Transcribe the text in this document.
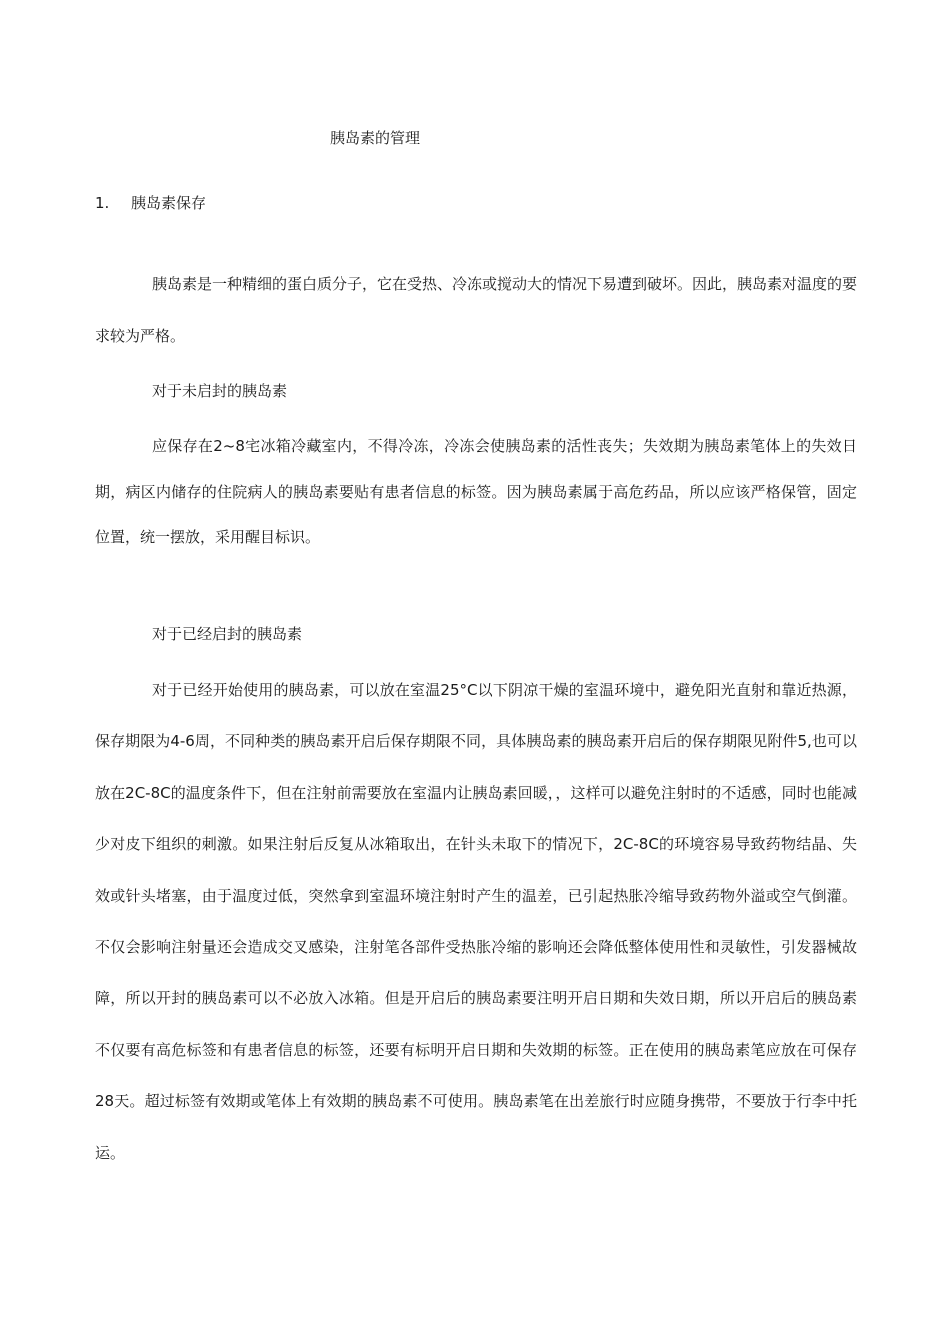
胰岛素的管理
1. 胰岛素保存

胰岛素是一种精细的蛋白质分子，它在受热、冷冻或搅动大的情况下易遭到破坏。因此，胰岛素对温度的要求较为严格。

对于未启封的胰岛素

应保存在2~8宅冰箱冷藏室内，不得冷冻，冷冻会使胰岛素的活性丧失；失效期为胰岛素笔体上的失效日期，病区内储存的住院病人的胰岛素要贴有患者信息的标签。因为胰岛素属于高危药品，所以应该严格保管，固定位置，统一摆放，采用醒目标识。

对于已经启封的胰岛素

对于已经开始使用的胰岛素，可以放在室温25°C以下阴凉干燥的室温环境中，避免阳光直射和靠近热源，保存期限为4-6周，不同种类的胰岛素开启后保存期限不同，具体胰岛素的胰岛素开启后的保存期限见附件5,也可以放在2C-8C的温度条件下，但在注射前需要放在室温内让胰岛素回暖，，这样可以避免注射时的不适感，同时也能减少对皮下组织的刺激。如果注射后反复从冰箱取出，在针头未取下的情况下，2C-8C的环境容易导致药物结晶、失效或针头堵塞，由于温度过低，突然拿到室温环境注射时产生的温差，已引起热胀冷缩导致药物外溢或空气倒灌。不仅会影响注射量还会造成交叉感染，注射笔各部件受热胀冷缩的影响还会降低整体使用性和灵敏性，引发器械故障，所以开封的胰岛素可以不必放入冰箱。但是开启后的胰岛素要注明开启日期和失效日期，所以开启后的胰岛素不仅要有高危标签和有患者信息的标签，还要有标明开启日期和失效期的标签。正在使用的胰岛素笔应放在可保存28天。超过标签有效期或笔体上有效期的胰岛素不可使用。胰岛素笔在出差旅行时应随身携带，不要放于行李中托运。
